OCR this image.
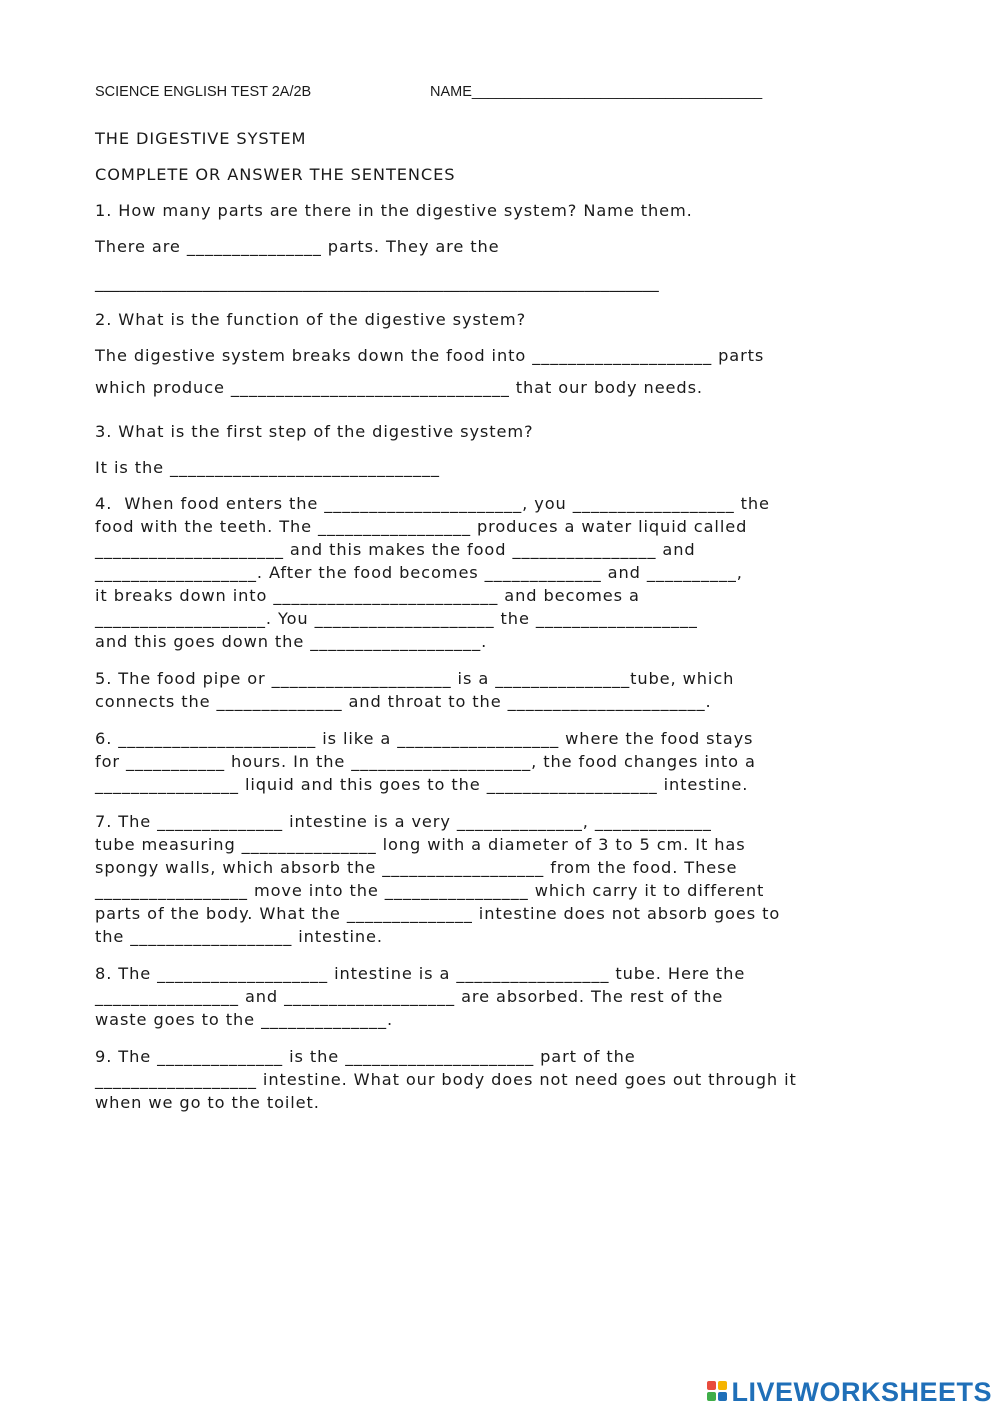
SCIENCE ENGLISH TEST 2A/2B	NAME____________________________________
THE DIGESTIVE SYSTEM
COMPLETE OR ANSWER THE SENTENCES
1. How many parts are there in the digestive system? Name them.
There are _______________ parts. They are the
____________________________________________________________________
2. What is the function of the digestive system?
The digestive system breaks down the food into ____________________ parts
which produce _______________________________ that our body needs.
3. What is the first step of the digestive system?
It is the ______________________________
4.  When food enters the ______________________, you __________________ the
food with the teeth. The _________________ produces a water liquid called
_____________________ and this makes the food ________________ and
__________________. After the food becomes _____________ and __________,
it breaks down into _________________________ and becomes a
___________________. You ____________________ the __________________
and this goes down the ___________________.
5. The food pipe or ____________________ is a _______________tube, which
connects the ______________ and throat to the ______________________.
6. ______________________ is like a __________________ where the food stays
for ___________ hours. In the ____________________, the food changes into a
________________ liquid and this goes to the ___________________ intestine.
7. The ______________ intestine is a very ______________, _____________
tube measuring _______________ long with a diameter of 3 to 5 cm. It has
spongy walls, which absorb the __________________ from the food. These
_________________ move into the ________________ which carry it to different
parts of the body. What the ______________ intestine does not absorb goes to
the __________________ intestine.
8. The ___________________ intestine is a _________________ tube. Here the
________________ and ___________________ are absorbed. The rest of the
waste goes to the ______________.
9. The ______________ is the _____________________ part of the
__________________ intestine. What our body does not need goes out through it
when we go to the toilet.
LIVEWORKSHEETS
